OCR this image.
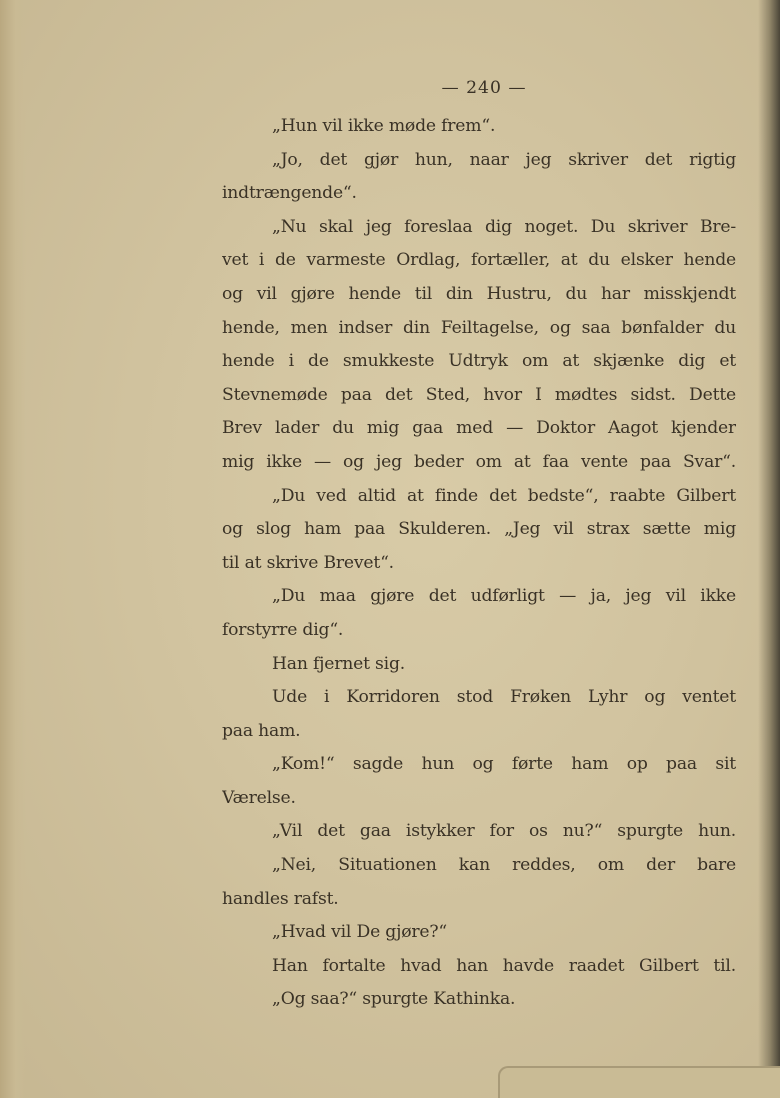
— 240 —
„Hun vil ikke møde frem“.
„Jo, det gjør hun, naar jeg skriver det rigtig
indtrængende“.
„Nu skal jeg foreslaa dig noget. Du skriver Bre-
vet i de varmeste Ordlag, fortæller, at du elsker hende
og vil gjøre hende til din Hustru, du har misskjendt
hende, men indser din Feiltagelse, og saa bønfalder du
hende i de smukkeste Udtryk om at skjænke dig et
Stevnemøde paa det Sted, hvor I mødtes sidst. Dette
Brev lader du mig gaa med — Doktor Aagot kjender
mig ikke — og jeg beder om at faa vente paa Svar“.
„Du ved altid at finde det bedste“, raabte Gilbert
og slog ham paa Skulderen. „Jeg vil strax sætte mig
til at skrive Brevet“.
„Du maa gjøre det udførligt — ja, jeg vil ikke
forstyrre dig“.
Han fjernet sig.
Ude i Korridoren stod Frøken Lyhr og ventet
paa ham.
„Kom!“ sagde hun og førte ham op paa sit
Værelse.
„Vil det gaa istykker for os nu?“ spurgte hun.
„Nei, Situationen kan reddes, om der bare
handles rafst.
„Hvad vil De gjøre?“
Han fortalte hvad han havde raadet Gilbert til.
„Og saa?“ spurgte Kathinka.
